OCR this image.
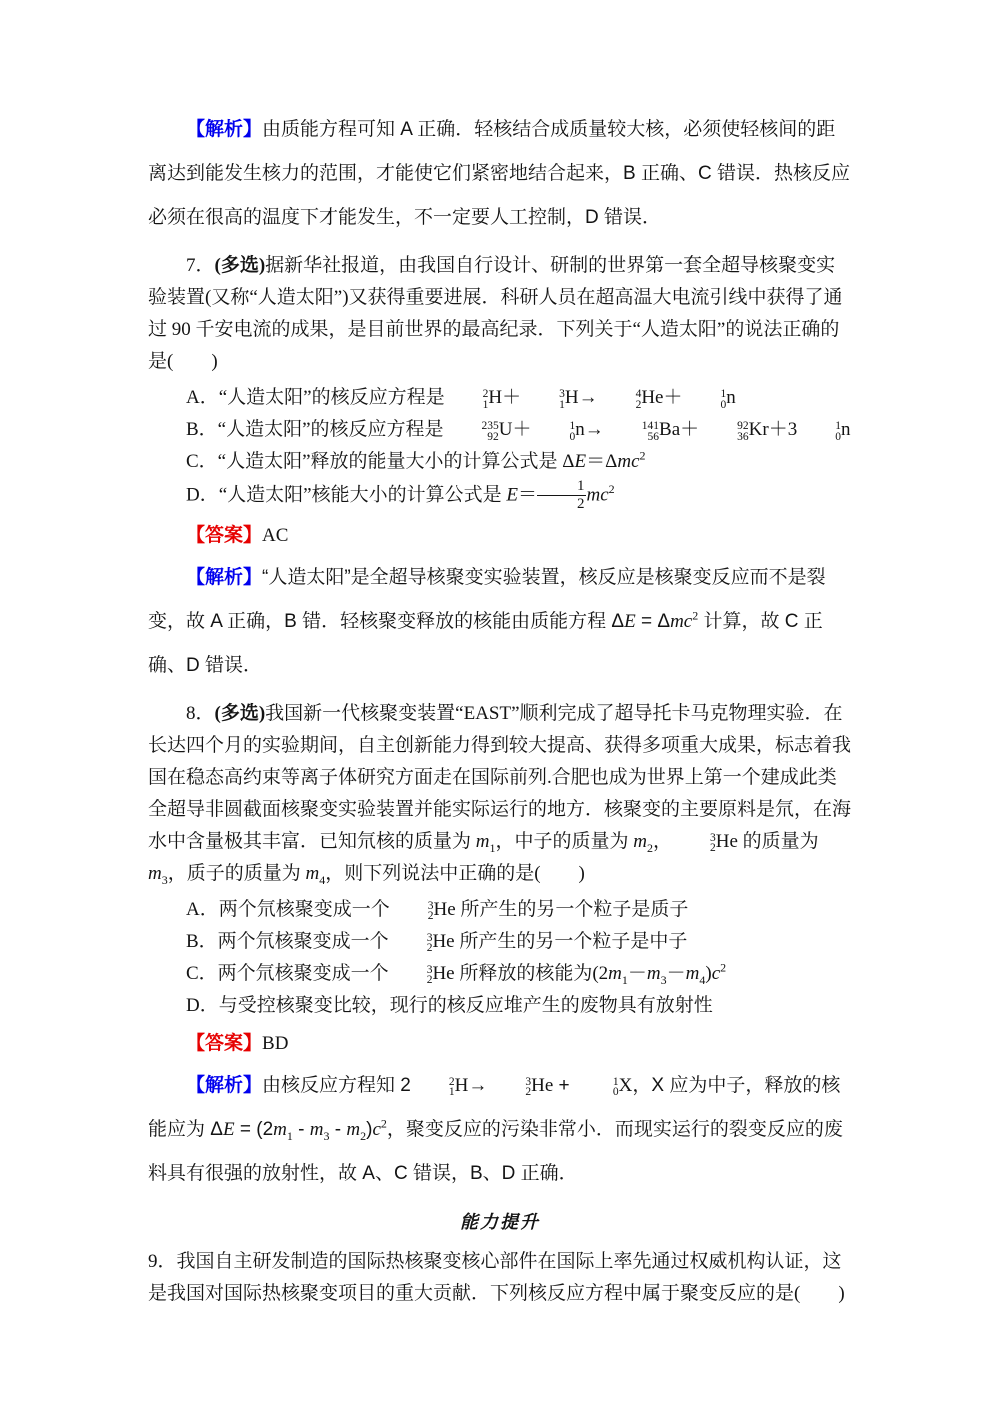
【解析】由质能方程可知 A 正确．轻核结合成质量较大核，必须使轻核间的距离达到能发生核力的范围，才能使它们紧密地结合起来，B 正确、C 错误．热核反应必须在很高的温度下才能发生，不一定要人工控制，D 错误．
7．(多选)据新华社报道，由我国自行设计、研制的世界第一套全超导核聚变实验装置(又称“人造太阳”)又获得重要进展．科研人员在超高温大电流引线中获得了通过 90 千安电流的成果，是目前世界的最高纪录．下列关于“人造太阳”的说法正确的是(　　)
A．“人造太阳”的核反应方程是	2
1 H＋	3
1 H→	4
2 He＋	1
0 n
B．“人造太阳”的核反应方程是	235
92 U＋	1
0 n→	141
56 Ba＋	92
36 Kr＋3	1
0 n
C．“人造太阳”释放的能量大小的计算公式是 ΔE＝Δmc$^2$
D．“人造太阳”核能大小的计算公式是 $E= \frac{1}{2} mc^2$
【答案】AC
【解析】“人造太阳”是全超导核聚变实验装置，核反应是核聚变反应而不是裂变，故 A 正确，B 错．轻核聚变释放的核能由质能方程 ΔE = Δmc$^2$ 计算，故 C 正确、D 错误．
8．(多选)我国新一代核聚变装置“EAST”顺利完成了超导托卡马克物理实验．在长达四个月的实验期间，自主创新能力得到较大提高、获得多项重大成果，标志着我国在稳态高约束等离子体研究方面走在国际前列.合肥也成为世界上第一个建成此类全超导非圆截面核聚变实验装置并能实际运行的地方．核聚变的主要原料是氘，在海水中含量极其丰富．已知氘核的质量为 $m_1$，中子的质量为 $m_2$，	3
2 He 的质量为 $m_3$，质子的质量为 $m_4$，则下列说法中正确的是(　　)
A．两个氘核聚变成一个	3
2 He 所产生的另一个粒子是质子
B．两个氘核聚变成一个	3
2 He 所产生的另一个粒子是中子
C．两个氘核聚变成一个	3
2 He 所释放的核能为$(2m_1-m_3-m_4)c^2$
D．与受控核聚变比较，现行的核反应堆产生的废物具有放射性
【答案】BD
【解析】由核反应方程知 2	2
1 H→	3
2 He +	1
0 X，X 应为中子，释放的核能应为 $\Delta E = (2m_1 - m_3 - m_2)c^2$，聚变反应的污染非常小．而现实运行的裂变反应的废料具有很强的放射性，故 A、C 错误，B、D 正确．
能力提升
9．我国自主研发制造的国际热核聚变核心部件在国际上率先通过权威机构认证，这是我国对国际热核聚变项目的重大贡献．下列核反应方程中属于聚变反应的是(　　)
